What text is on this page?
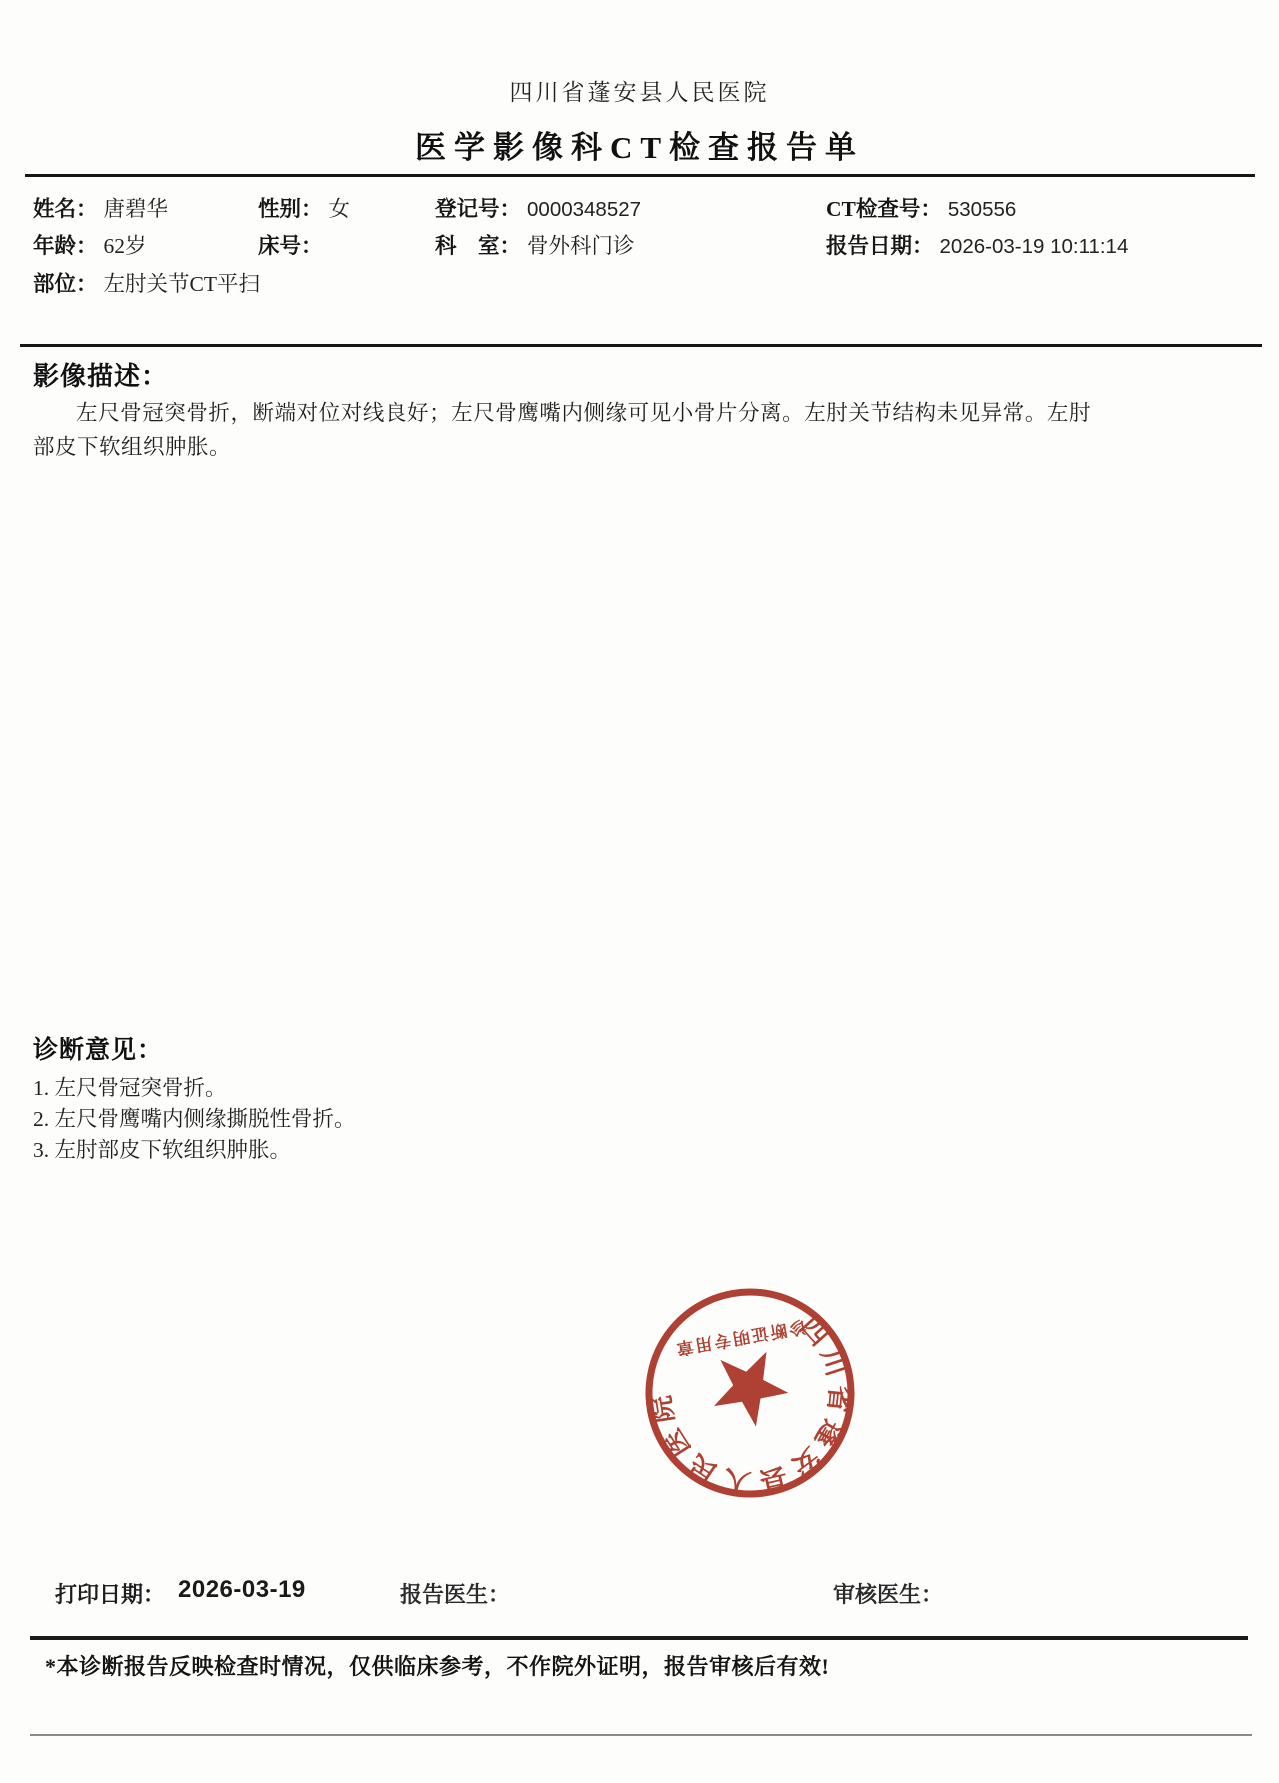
四川省蓬安县人民医院
医学影像科CT检查报告单
姓名： 唐碧华	性别： 女	登记号： 0000348527	CT检查号： 530556
年龄： 62岁	床号：	科　室： 骨外科门诊	报告日期： 2026-03-19 10:11:14
部位： 左肘关节CT平扫
影像描述：
左尺骨冠突骨折，断端对位对线良好；左尺骨鹰嘴内侧缘可见小骨片分离。左肘关节结构未见异常。左肘部皮下软组织肿胀。
诊断意见：
1. 左尺骨冠突骨折。
2. 左尺骨鹰嘴内侧缘撕脱性骨折。
3. 左肘部皮下软组织肿胀。
四川省蓬安县人民医院
诊断证明专用章
打印日期： 2026-03-19	报告医生：	审核医生：
*本诊断报告反映检查时情况，仅供临床参考，不作院外证明，报告审核后有效!
